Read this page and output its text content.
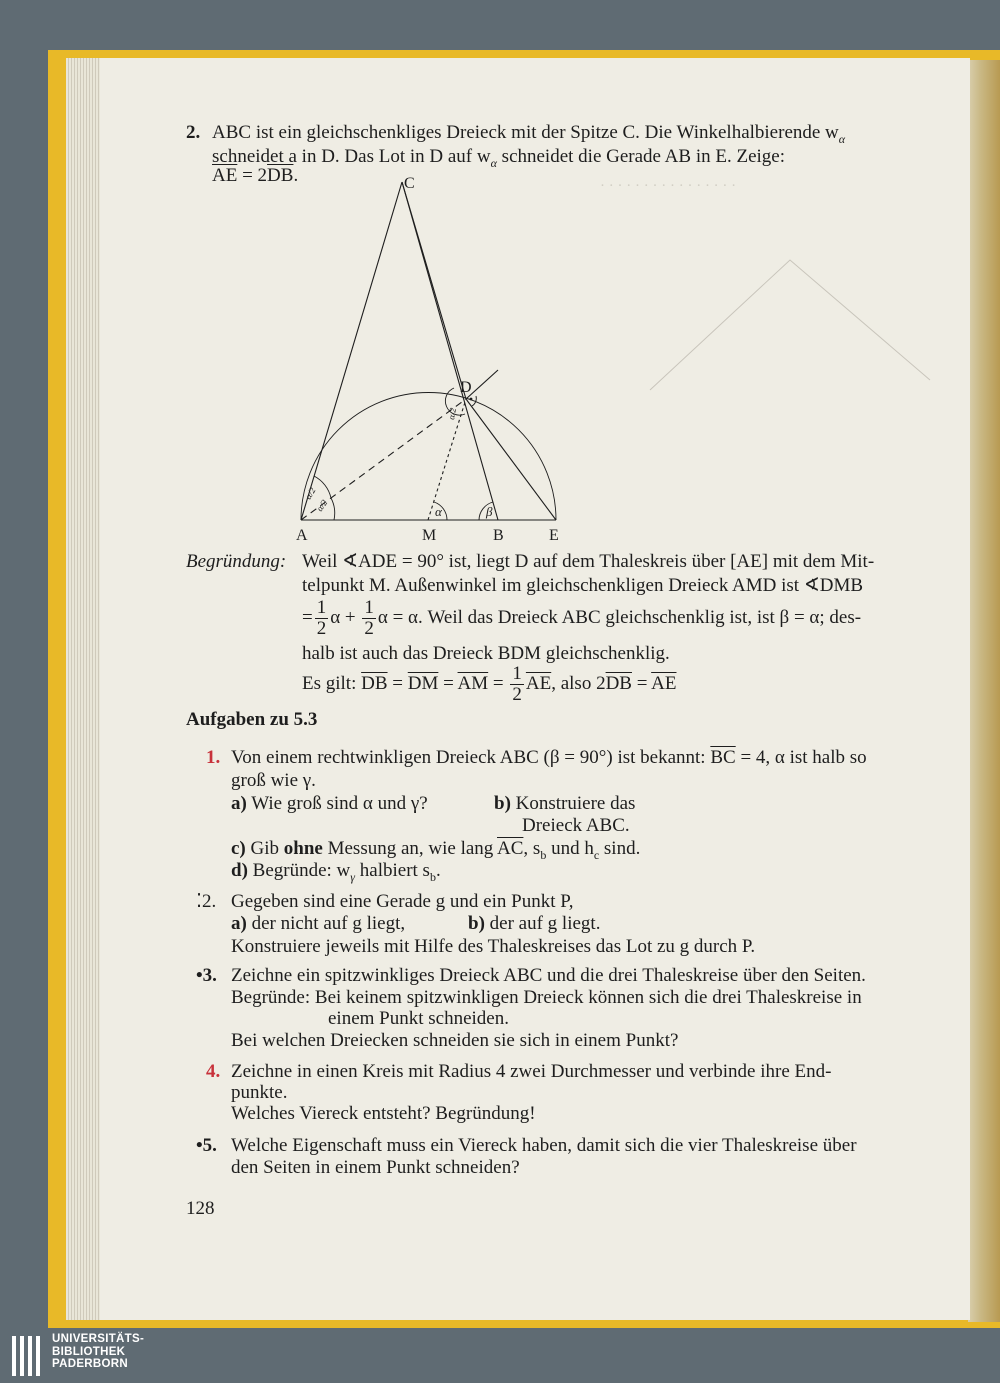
· · · · · · · · · · · · · · · ·
2. ABC ist ein gleichschenkliges Dreieck mit der Spitze C. Die Winkelhalbierende $w_\alpha$
schneidet a in D. Das Lot in D auf $w_\alpha$ schneidet die Gerade AB in E. Zeige:
$\overline{AE} = 2\overline{DB}$.
A	M	B	E
C
D
α	β
α/2
α/2
α/2
Begründung: Weil ∢ADE = 90° ist, liegt D auf dem Thaleskreis über [AE] mit dem Mit-
telpunkt M. Außenwinkel im gleichschenkligen Dreieck AMD ist ∢DMB
= $\frac{1}{2}$ $\alpha + \frac{1}{2}$ α = α. Weil das Dreieck ABC gleichschenklig ist, ist β = α; des-
halb ist auch das Dreieck BDM gleichschenklig.
Es gilt: $\overline{DB} = \overline{DM} = \overline{AM} = \frac{1}{2} \overline{AE}$, also $2\overline{DB} = \overline{AE}$
Aufgaben zu 5.3
1. Von einem rechtwinkligen Dreieck ABC (β = 90°) ist bekannt: $\overline{BC} = 4$, α ist halb so
groß wie γ.
a) Wie groß sind α und γ?	b) Konstruiere das
Dreieck ABC.
c) Gib ohne Messung an, wie lang $\overline{AC}$, $s_b$ und $h_c$ sind.
d) Begründe: $w_\gamma$ halbiert $s_b$.
⁚2. Gegeben sind eine Gerade g und ein Punkt P,
a) der nicht auf g liegt,	b) der auf g liegt.
Konstruiere jeweils mit Hilfe des Thaleskreises das Lot zu g durch P.
•3. Zeichne ein spitzwinkliges Dreieck ABC und die drei Thaleskreise über den Seiten.
Begründe: Bei keinem spitzwinkligen Dreieck können sich die drei Thaleskreise in
einem Punkt schneiden.
Bei welchen Dreiecken schneiden sie sich in einem Punkt?
4. Zeichne in einen Kreis mit Radius 4 zwei Durchmesser und verbinde ihre End-
punkte.
Welches Viereck entsteht? Begründung!
•5. Welche Eigenschaft muss ein Viereck haben, damit sich die vier Thaleskreise über
den Seiten in einem Punkt schneiden?
128
UNIVERSITÄTS-
BIBLIOTHEK
PADERBORN
